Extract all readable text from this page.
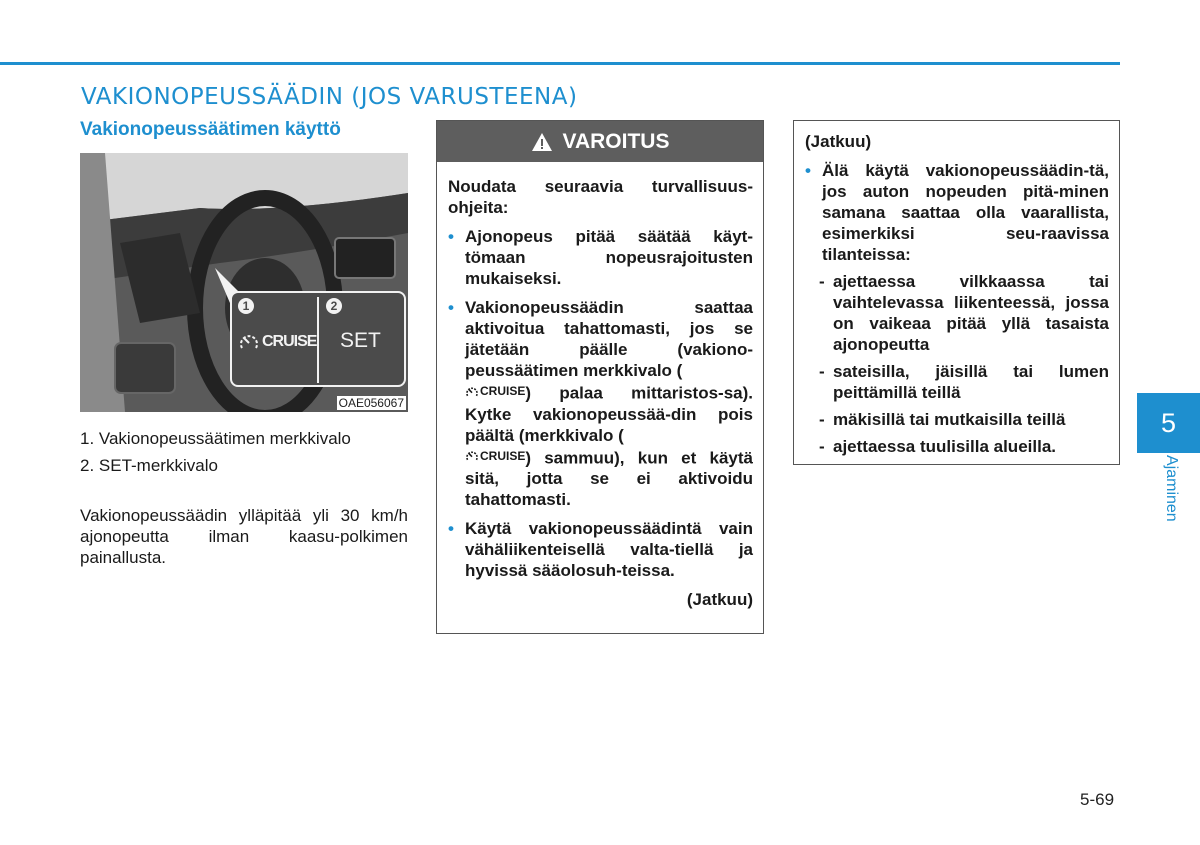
VAKIONOPEUSSÄÄDIN (JOS VARUSTEENA)
Vakionopeussäätimen käyttö
1	2
CRUISE SET
OAE056067

1. Vakionopeussäätimen merkkivalo

2. SET-merkkivalo

Vakionopeussäädin ylläpitää yli 30 km/h ajonopeutta ilman kaasu-polkimen painallusta.

VAROITUS

Noudata seuraavia turvallisuus-ohjeita:

• Ajonopeus pitää säätää käyt-tömaan nopeusrajoitusten mukaiseksi.

• Vakionopeussäädin saattaa aktivoitua tahattomasti, jos se jätetään päälle (vakiono-peussäätimen merkkivalo (

CRUISE ) palaa mittaristos-sa). Kytke vakionopeussää-din pois päältä (merkkivalo (

CRUISE ) sammuu), kun et käytä sitä, jotta se ei aktivoidu tahattomasti.

• Käytä vakionopeussäädintä vain vähäliikenteisellä valta-tiellä ja hyvissä sääolosuh-teissa.

(Jatkuu)

(Jatkuu)

• Älä käytä vakionopeussäädin-tä, jos auton nopeuden pitä-minen samana saattaa olla vaarallista, esimerkiksi seu-raavissa tilanteissa:

- ajettaessa vilkkaassa tai vaihtelevassa liikenteessä, jossa on vaikeaa pitää yllä tasaista ajonopeutta

- sateisilla, jäisillä tai lumen peittämillä teillä

- mäkisillä tai mutkaisilla teillä

- ajettaessa tuulisilla alueilla.

5
Ajaminen
5-69
